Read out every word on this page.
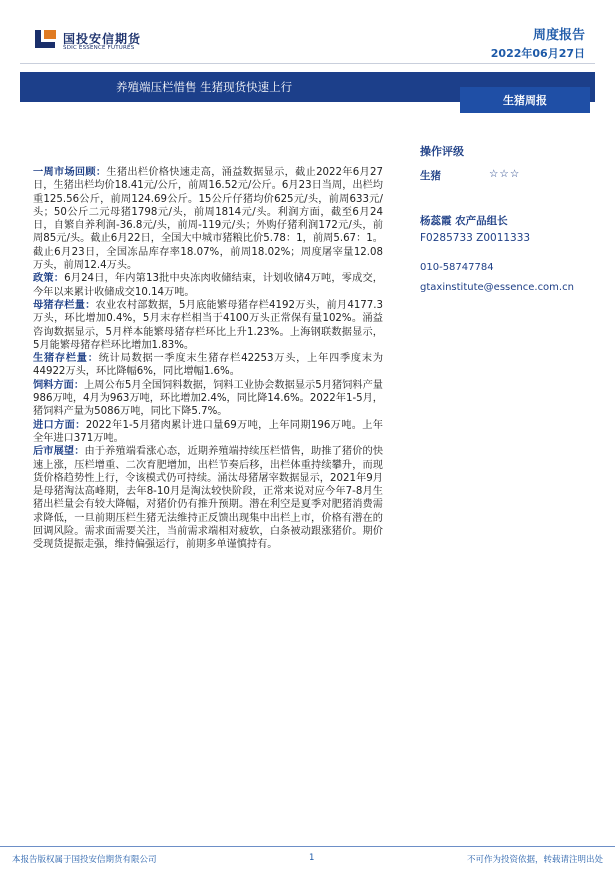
国投安信期货
SDIC ESSENCE FUTURES
周度报告
2022年06月27日
养殖端压栏惜售 生猪现货快速上行
生猪周报
操作评级
生猪	☆☆☆
杨蕊霞 农产品组长
F0285733 Z0011333
010-58747784
gtaxinstitute@essence.com.cn

一周市场回顾：生猪出栏价格快速走高，涌益数据显示，截止2022年6月27日，生猪出栏均价18.41元/公斤，前周16.52元/公斤。6月23日当周，出栏均重125.56公斤，前周124.69公斤。15公斤仔猪均价625元/头，前周633元/头；50公斤二元母猪1798元/头，前周1814元/头。利润方面，截至6月24日，自繁自养利润-36.8元/头，前周-119元/头；外购仔猪利润172元/头，前周85元/头。截止6月22日，全国大中城市猪粮比价5.78：1，前周5.67：1。截止6月23日，全国冻品库存率18.07%，前周18.02%；周度屠宰量12.08万头，前周12.4万头。

政策：6月24日，年内第13批中央冻肉收储结束，计划收储4万吨，零成交，今年以来累计收储成交10.14万吨。

母猪存栏量：农业农村部数据，5月底能繁母猪存栏4192万头，前月4177.3万头，环比增加0.4%，5月末存栏相当于4100万头正常保有量102%。涌益咨询数据显示，5月样本能繁母猪存栏环比上升1.23%。上海钢联数据显示，5月能繁母猪存栏环比增加1.83%。

生猪存栏量：统计局数据一季度末生猪存栏42253万头，上年四季度末为44922万头，环比降幅6%，同比增幅1.6%。

饲料方面：上周公布5月全国饲料数据，饲料工业协会数据显示5月猪饲料产量986万吨，4月为963万吨，环比增加2.4%，同比降14.6%。2022年1-5月，猪饲料产量为5086万吨，同比下降5.7%。

进口方面：2022年1-5月猪肉累计进口量69万吨，上年同期196万吨。上年全年进口371万吨。

后市展望：由于养殖端看涨心态，近期养殖端持续压栏惜售，助推了猪价的快速上涨，压栏增重、二次育肥增加，出栏节奏后移，出栏体重持续攀升，而现货价格趋势性上行，令该模式仍可持续。涌汰母猪屠宰数据显示，2021年9月是母猪淘汰高峰期，去年8-10月是淘汰较快阶段，正常来说对应今年7-8月生猪出栏量会有较大降幅，对猪价仍有推升预期。潜在利空是夏季对肥猪消费需求降低，一旦前期压栏生猪无法维持正反馈出现集中出栏上市，价格有潜在的回调风险。需求面需要关注，当前需求端相对疲软，白条被动跟涨猪价。期价受现货提振走强，维持偏强运行，前期多单谨慎持有。

本报告版权属于国投安信期货有限公司	1	不可作为投资依据，转载请注明出处
